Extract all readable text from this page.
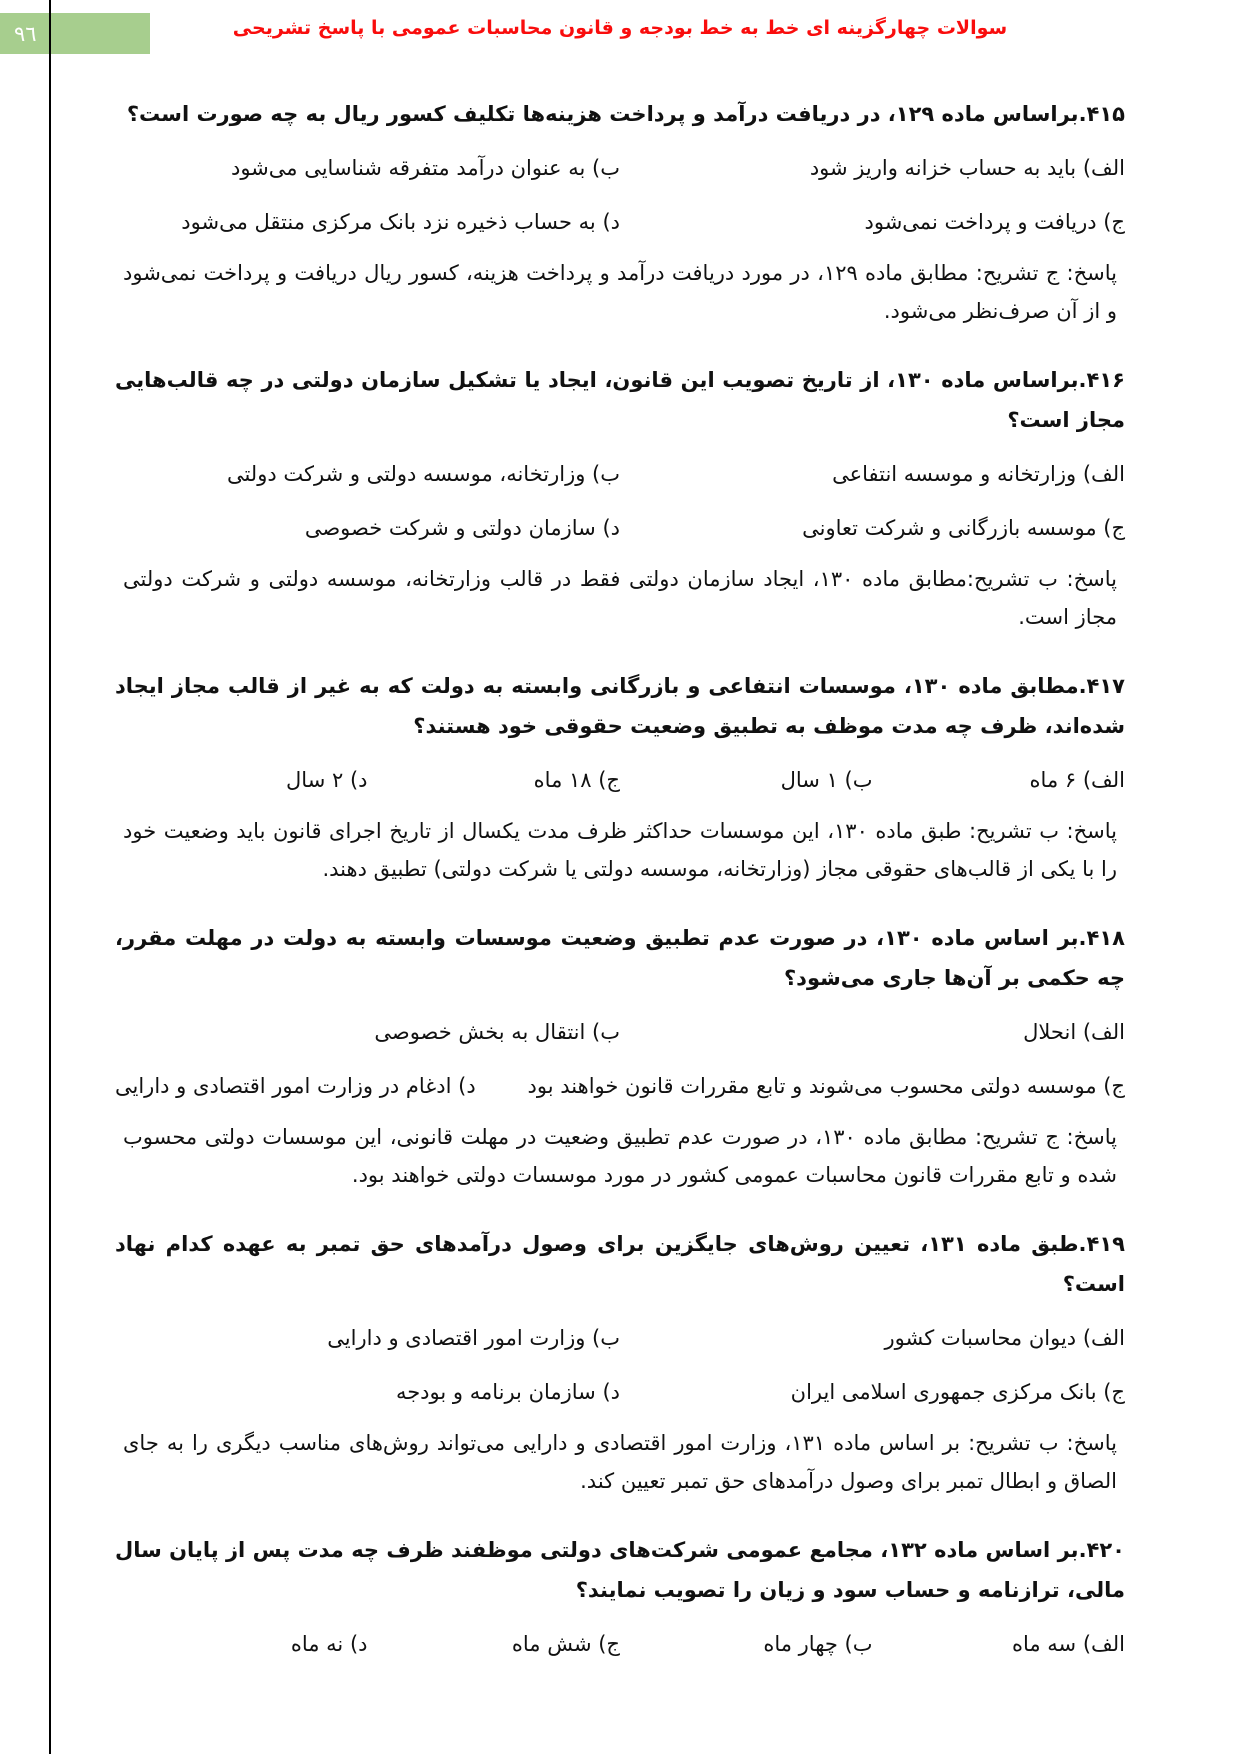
٩٦	سوالات چهارگزینه ای خط به خط بودجه و قانون محاسبات عمومی با پاسخ تشریحی

۴۱۵.براساس ماده ۱۲۹، در دریافت درآمد و پرداخت هزینه‌ها تکلیف کسور ریال به چه صورت است؟

الف) باید به حساب خزانه واریز شود
ب) به عنوان درآمد متفرقه شناسایی می‌شود
ج) دریافت و پرداخت نمی‌شود
د) به حساب ذخیره نزد بانک مرکزی منتقل می‌شود

پاسخ: ج تشریح: مطابق ماده ۱۲۹، در مورد دریافت درآمد و پرداخت هزینه، کسور ریال دریافت و پرداخت نمی‌شود و از آن صرف‌نظر می‌شود.

۴۱۶.براساس ماده ۱۳۰، از تاریخ تصویب این قانون، ایجاد یا تشکیل سازمان دولتی در چه قالب‌هایی مجاز است؟

الف) وزارتخانه و موسسه انتفاعی
ب) وزارتخانه، موسسه دولتی و شرکت دولتی
ج) موسسه بازرگانی و شرکت تعاونی
د) سازمان دولتی و شرکت خصوصی

پاسخ: ب تشریح:مطابق ماده ۱۳۰، ایجاد سازمان دولتی فقط در قالب وزارتخانه، موسسه دولتی و شرکت دولتی مجاز است.

۴۱۷.مطابق ماده ۱۳۰، موسسات انتفاعی و بازرگانی وابسته به دولت که به غیر از قالب مجاز ایجاد شده‌اند، ظرف چه مدت موظف به تطبیق وضعیت حقوقی خود هستند؟

الف) ۶ ماه
ب) ۱ سال
ج) ۱۸ ماه
د) ۲ سال

پاسخ: ب تشریح: طبق ماده ۱۳۰، این موسسات حداکثر ظرف مدت یکسال از تاریخ اجرای قانون باید وضعیت خود را با یکی از قالب‌های حقوقی مجاز (وزارتخانه، موسسه دولتی یا شرکت دولتی) تطبیق دهند.

۴۱۸.بر اساس ماده ۱۳۰، در صورت عدم تطبیق وضعیت موسسات وابسته به دولت در مهلت مقرر، چه حکمی بر آن‌ها جاری می‌شود؟

الف) انحلال
ب) انتقال به بخش خصوصی
ج) موسسه دولتی محسوب می‌شوند و تابع مقررات قانون خواهند بود
د) ادغام در وزارت امور اقتصادی و دارایی

پاسخ: ج تشریح: مطابق ماده ۱۳۰، در صورت عدم تطبیق وضعیت در مهلت قانونی، این موسسات دولتی محسوب شده و تابع مقررات قانون محاسبات عمومی کشور در مورد موسسات دولتی خواهند بود.

۴۱۹.طبق ماده ۱۳۱، تعیین روش‌های جایگزین برای وصول درآمدهای حق تمبر به عهده کدام نهاد است؟

الف) دیوان محاسبات کشور
ب) وزارت امور اقتصادی و دارایی
ج) بانک مرکزی جمهوری اسلامی ایران
د) سازمان برنامه و بودجه

پاسخ: ب تشریح: بر اساس ماده ۱۳۱، وزارت امور اقتصادی و دارایی می‌تواند روش‌های مناسب دیگری را به جای الصاق و ابطال تمبر برای وصول درآمدهای حق تمبر تعیین کند.

۴۲۰.بر اساس ماده ۱۳۲، مجامع عمومی شرکت‌های دولتی موظفند ظرف چه مدت پس از پایان سال مالی، ترازنامه و حساب سود و زیان را تصویب نمایند؟

الف) سه ماه
ب) چهار ماه
ج) شش ماه
د) نه ماه
